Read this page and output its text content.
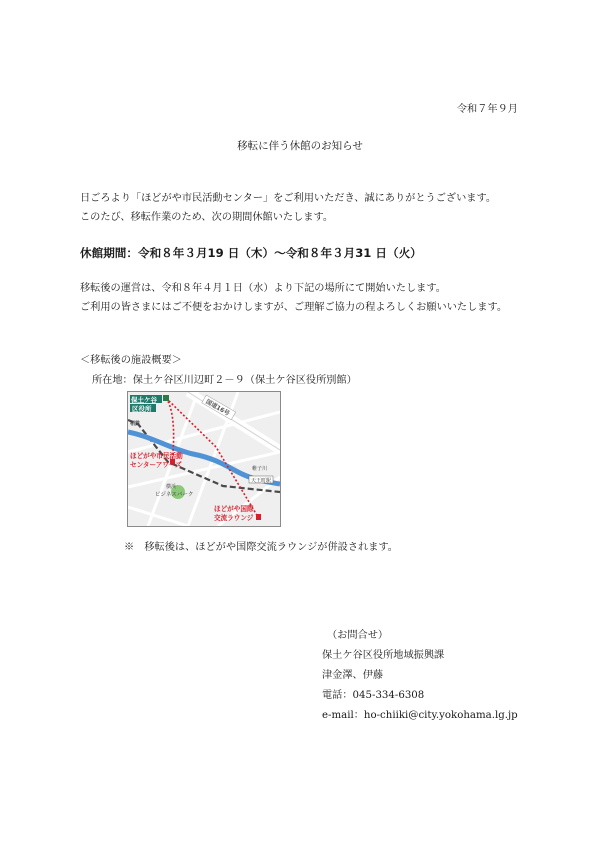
令和７年９月
移転に伴う休館のお知らせ
日ごろより「ほどがや市民活動センター」をご利用いただき、誠にありがとうございます。
このたび、移転作業のため、次の期間休館いたします。
休館期間：令和８年３月19 日（木）～令和８年３月31 日（火）
移転後の運営は、令和８年４月１日（水）より下記の場所にて開始いたします。
ご利用の皆さまにはご不便をおかけしますが、ご理解ご協力の程よろしくお願いいたします。
＜移転後の施設概要＞
所在地：保土ケ谷区川辺町２－９（保土ケ谷区役所別館）
保土ケ谷
区役所	国道16号
相鉄
ほどがや市民活動
センターアワーズ
横浜
ビジネスパーク
帷子川
天王町駅
ほどがや国際
交流ラウンジ
※　移転後は、ほどがや国際交流ラウンジが併設されます。
（お問合せ）
保土ケ谷区役所地域振興課
津金澤、伊藤
電話：045-334-6308
e-mail：ho-chiiki@city.yokohama.lg.jp
